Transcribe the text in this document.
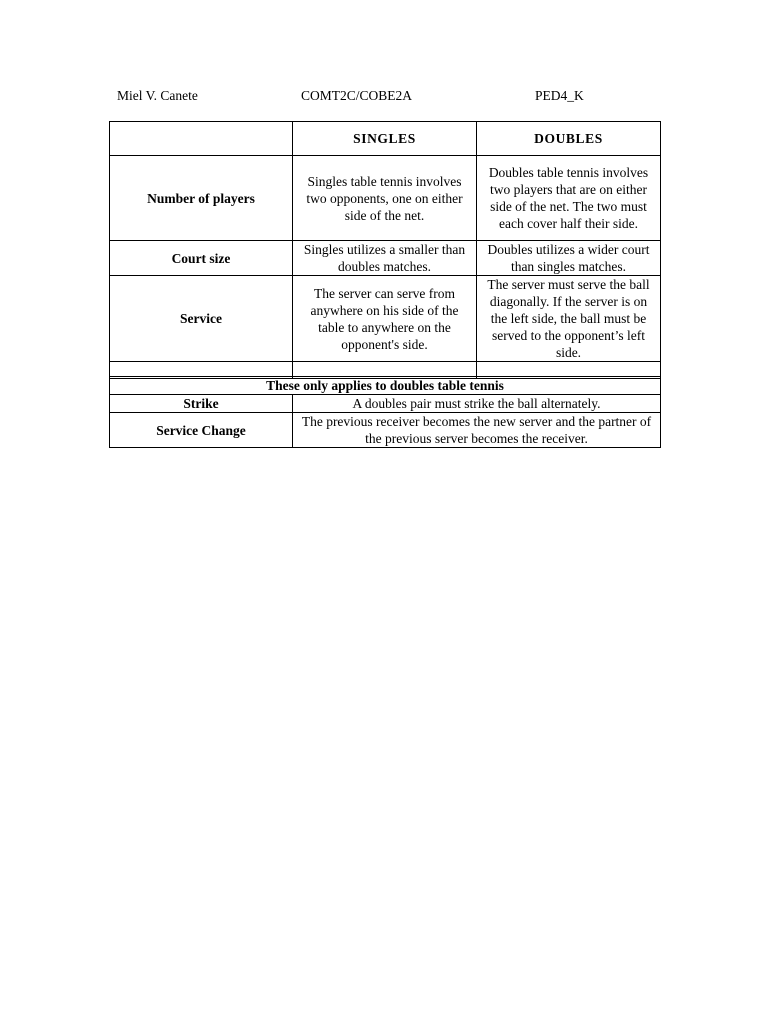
Miel V. Canete	COMT2C/COBE2A	PED4_K
	SINGLES	DOUBLES
Number of players	Singles table tennis involves two opponents, one on either side of the net.	Doubles table tennis involves two players that are on either side of the net. The two must each cover half their side.
Court size	Singles utilizes a smaller than doubles matches.	Doubles utilizes a wider court than singles matches.
Service	The server can serve from anywhere on his side of the table to anywhere on the opponent's side.	The server must serve the ball diagonally. If the server is on the left side, the ball must be served to the opponent’s left side.

These only applies to doubles table tennis	
Strike	A doubles pair must strike the ball alternately.
Service Change	The previous receiver becomes the new server and the partner of the previous server becomes the receiver.
